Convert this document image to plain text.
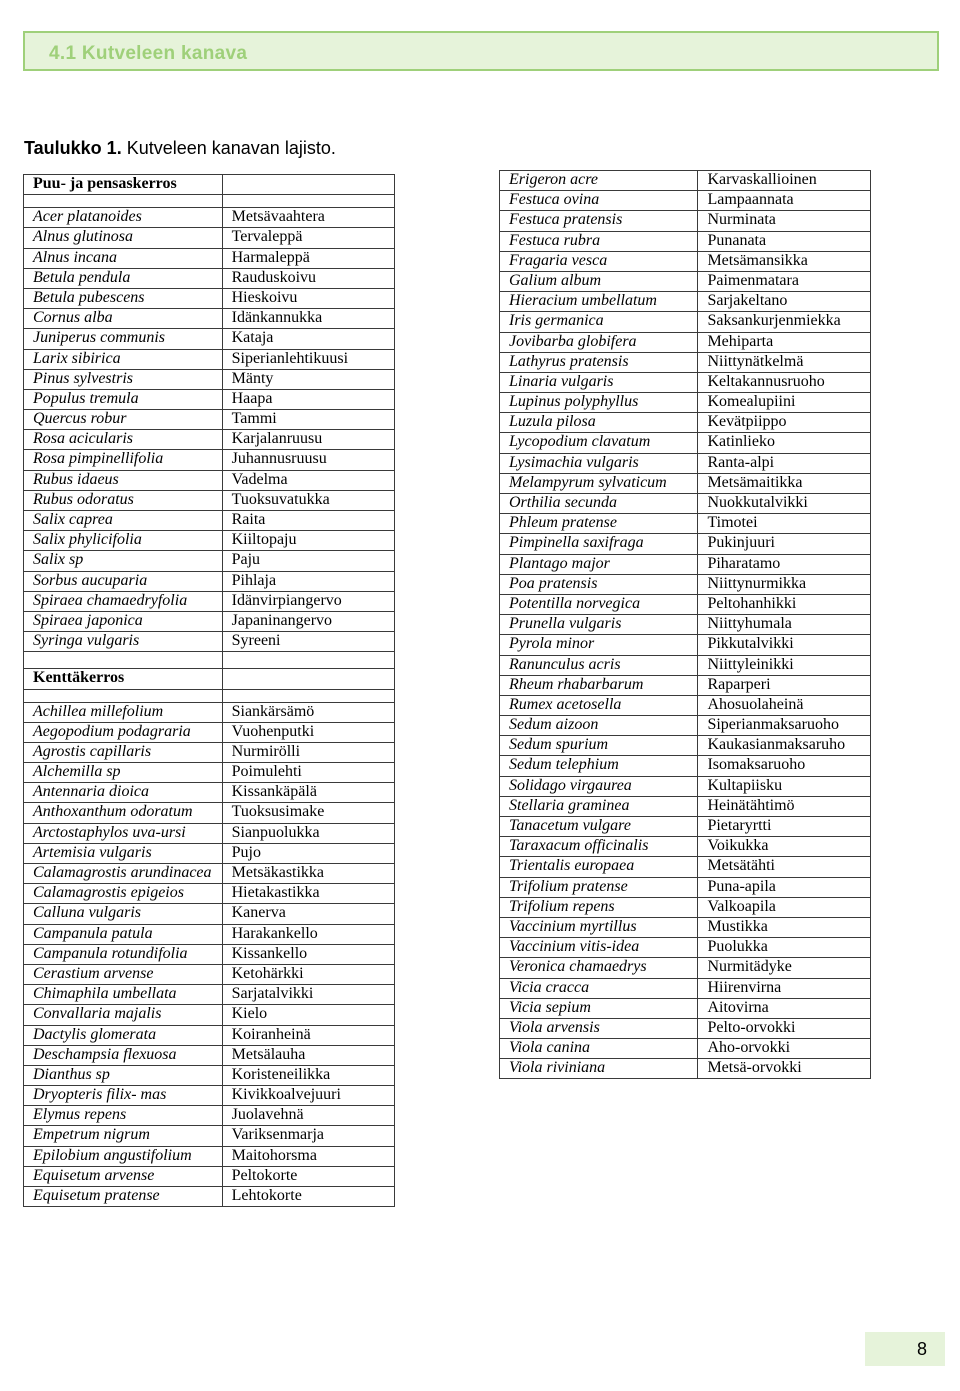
4.1 Kutveleen kanava
Taulukko 1. Kutveleen kanavan lajisto.
Puu- ja pensaskerros	

Acer platanoides	Metsävaahtera
Alnus glutinosa	Tervaleppä
Alnus incana	Harmaleppä
Betula pendula	Rauduskoivu
Betula pubescens	Hieskoivu
Cornus alba	Idänkannukka
Juniperus communis	Kataja
Larix sibirica	Siperianlehtikuusi
Pinus sylvestris	Mänty
Populus tremula	Haapa
Quercus robur	Tammi
Rosa acicularis	Karjalanruusu
Rosa pimpinellifolia	Juhannusruusu
Rubus idaeus	Vadelma
Rubus odoratus	Tuoksuvatukka
Salix caprea	Raita
Salix phylicifolia	Kiiltopaju
Salix sp	Paju
Sorbus aucuparia	Pihlaja
Spiraea chamaedryfolia	Idänvirpiangervo
Spiraea japonica	Japaninangervo
Syringa vulgaris	Syreeni

Kenttäkerros	

Achillea millefolium	Siankärsämö
Aegopodium podagraria	Vuohenputki
Agrostis capillaris	Nurmirölli
Alchemilla sp	Poimulehti
Antennaria dioica	Kissankäpälä
Anthoxanthum odoratum	Tuoksusimake
Arctostaphylos uva-ursi	Sianpuolukka
Artemisia vulgaris	Pujo
Calamagrostis arundinacea	Metsäkastikka
Calamagrostis epigeios	Hietakastikka
Calluna vulgaris	Kanerva
Campanula patula	Harakankello
Campanula rotundifolia	Kissankello
Cerastium arvense	Ketohärkki
Chimaphila umbellata	Sarjatalvikki
Convallaria majalis	Kielo
Dactylis glomerata	Koiranheinä
Deschampsia flexuosa	Metsälauha
Dianthus sp	Koristeneilikka
Dryopteris filix- mas	Kivikkoalvejuuri
Elymus repens	Juolavehnä
Empetrum nigrum	Variksenmarja
Epilobium angustifolium	Maitohorsma
Equisetum arvense	Peltokorte
Equisetum pratense	Lehtokorte
Erigeron acre	Karvaskallioinen
Festuca ovina	Lampaannata
Festuca pratensis	Nurminata
Festuca rubra	Punanata
Fragaria vesca	Metsämansikka
Galium album	Paimenmatara
Hieracium umbellatum	Sarjakeltano
Iris germanica	Saksankurjenmiekka
Jovibarba globifera	Mehiparta
Lathyrus pratensis	Niittynätkelmä
Linaria vulgaris	Keltakannusruoho
Lupinus polyphyllus	Komealupiini
Luzula pilosa	Kevätpiippo
Lycopodium clavatum	Katinlieko
Lysimachia vulgaris	Ranta-alpi
Melampyrum sylvaticum	Metsämaitikka
Orthilia secunda	Nuokkutalvikki
Phleum pratense	Timotei
Pimpinella saxifraga	Pukinjuuri
Plantago major	Piharatamo
Poa pratensis	Niittynurmikka
Potentilla norvegica	Peltohanhikki
Prunella vulgaris	Niittyhumala
Pyrola minor	Pikkutalvikki
Ranunculus acris	Niittyleinikki
Rheum rhabarbarum	Raparperi
Rumex acetosella	Ahosuolaheinä
Sedum aizoon	Siperianmaksaruoho
Sedum spurium	Kaukasianmaksaruho
Sedum telephium	Isomaksaruoho
Solidago virgaurea	Kultapiisku
Stellaria graminea	Heinätähtimö
Tanacetum vulgare	Pietaryrtti
Taraxacum officinalis	Voikukka
Trientalis europaea	Metsätähti
Trifolium pratense	Puna-apila
Trifolium repens	Valkoapila
Vaccinium myrtillus	Mustikka
Vaccinium vitis-idea	Puolukka
Veronica chamaedrys	Nurmitädyke
Vicia cracca	Hiirenvirna
Vicia sepium	Aitovirna
Viola arvensis	Pelto-orvokki
Viola canina	Aho-orvokki
Viola riviniana	Metsä-orvokki
8
